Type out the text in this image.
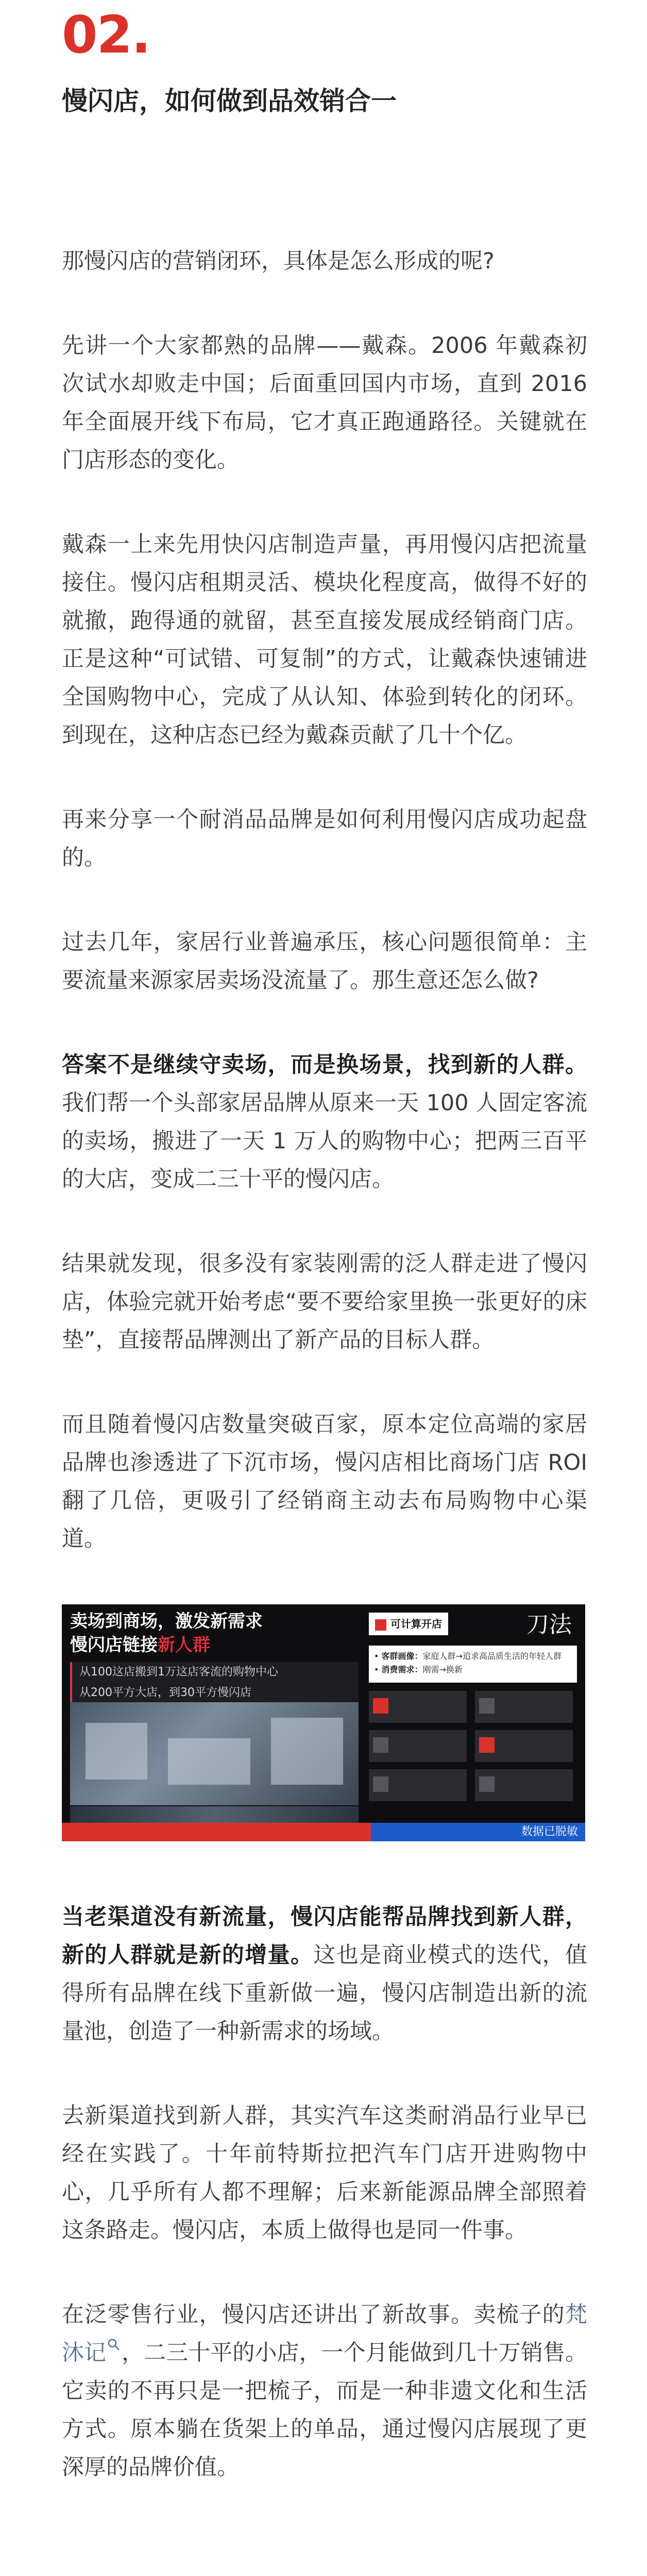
02.
慢闪店，如何做到品效销合一

那慢闪店的营销闭环，具体是怎么形成的呢?

先讲一个大家都熟的品牌——戴森。2006 年戴森初次试水却败走中国；后面重回国内市场，直到 2016 年全面展开线下布局，它才真正跑通路径。关键就在门店形态的变化。

戴森一上来先用快闪店制造声量，再用慢闪店把流量接住。慢闪店租期灵活、模块化程度高，做得不好的就撤，跑得通的就留，甚至直接发展成经销商门店。正是这种“可试错、可复制”的方式，让戴森快速铺进全国购物中心，完成了从认知、体验到转化的闭环。到现在，这种店态已经为戴森贡献了几十个亿。

再来分享一个耐消品品牌是如何利用慢闪店成功起盘的。

过去几年，家居行业普遍承压，核心问题很简单：主要流量来源家居卖场没流量了。那生意还怎么做?

答案不是继续守卖场，而是换场景，找到新的人群。我们帮一个头部家居品牌从原来一天 100 人固定客流的卖场，搬进了一天 1 万人的购物中心；把两三百平的大店，变成二三十平的慢闪店。

结果就发现，很多没有家装刚需的泛人群走进了慢闪店，体验完就开始考虑“要不要给家里换一张更好的床垫”，直接帮品牌测出了新产品的目标人群。

而且随着慢闪店数量突破百家，原本定位高端的家居品牌也渗透进了下沉市场，慢闪店相比商场门店 ROI 翻了几倍，更吸引了经销商主动去布局购物中心渠道。

卖场到商场，激发新需求

慢闪店链接新人群

从100这店搬到1万这店客流的购物中心
从200平方大店，到30平方慢闪店
可计算开店	刀法
• 客群画像：家庭人群→追求高品质生活的年轻人群
• 消费需求：刚需→换新
数据已脱敏

当老渠道没有新流量，慢闪店能帮品牌找到新人群，新的人群就是新的增量。这也是商业模式的迭代，值得所有品牌在线下重新做一遍，慢闪店制造出新的流量池，创造了一种新需求的场域。

去新渠道找到新人群，其实汽车这类耐消品行业早已经在实践了。十年前特斯拉把汽车门店开进购物中心，几乎所有人都不理解；后来新能源品牌全部照着这条路走。慢闪店，本质上做得也是同一件事。

在泛零售行业，慢闪店还讲出了新故事。卖梳子的梵沐记 ，二三十平的小店，一个月能做到几十万销售。它卖的不再只是一把梳子，而是一种非遗文化和生活方式。原本躺在货架上的单品，通过慢闪店展现了更深厚的品牌价值。
